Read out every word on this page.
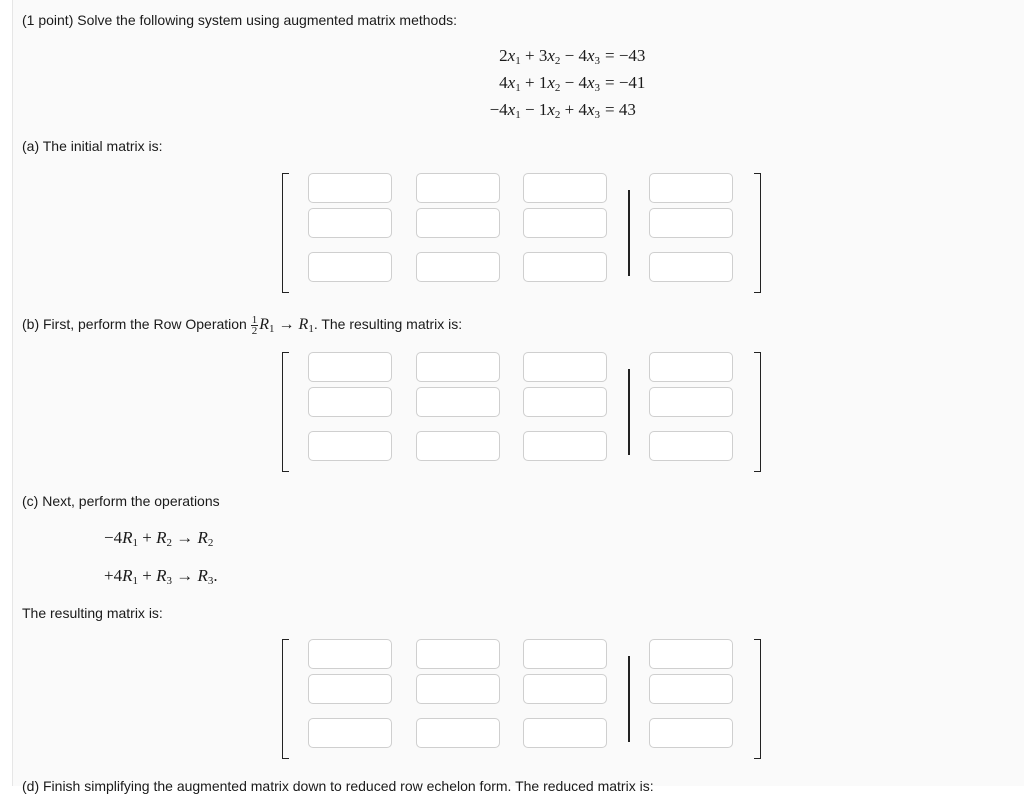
(1 point) Solve the following system using augmented matrix methods:
$2x_1 + 3x_2 - 4x_3 = -43$
$4x_1 + 1x_2 - 4x_3 = -41$
$-4x_1 - 1x_2 + 4x_3 = 43$
(a) The initial matrix is:
(b) First, perform the Row Operation $\frac{1}{2} R_1 \to R_1$. The resulting matrix is:
(c) Next, perform the operations
$-4R_1 + R_2 \to R_2$
$+4R_1 + R_3 \to R_3$.
The resulting matrix is:
(d) Finish simplifying the augmented matrix down to reduced row echelon form. The reduced matrix is:
